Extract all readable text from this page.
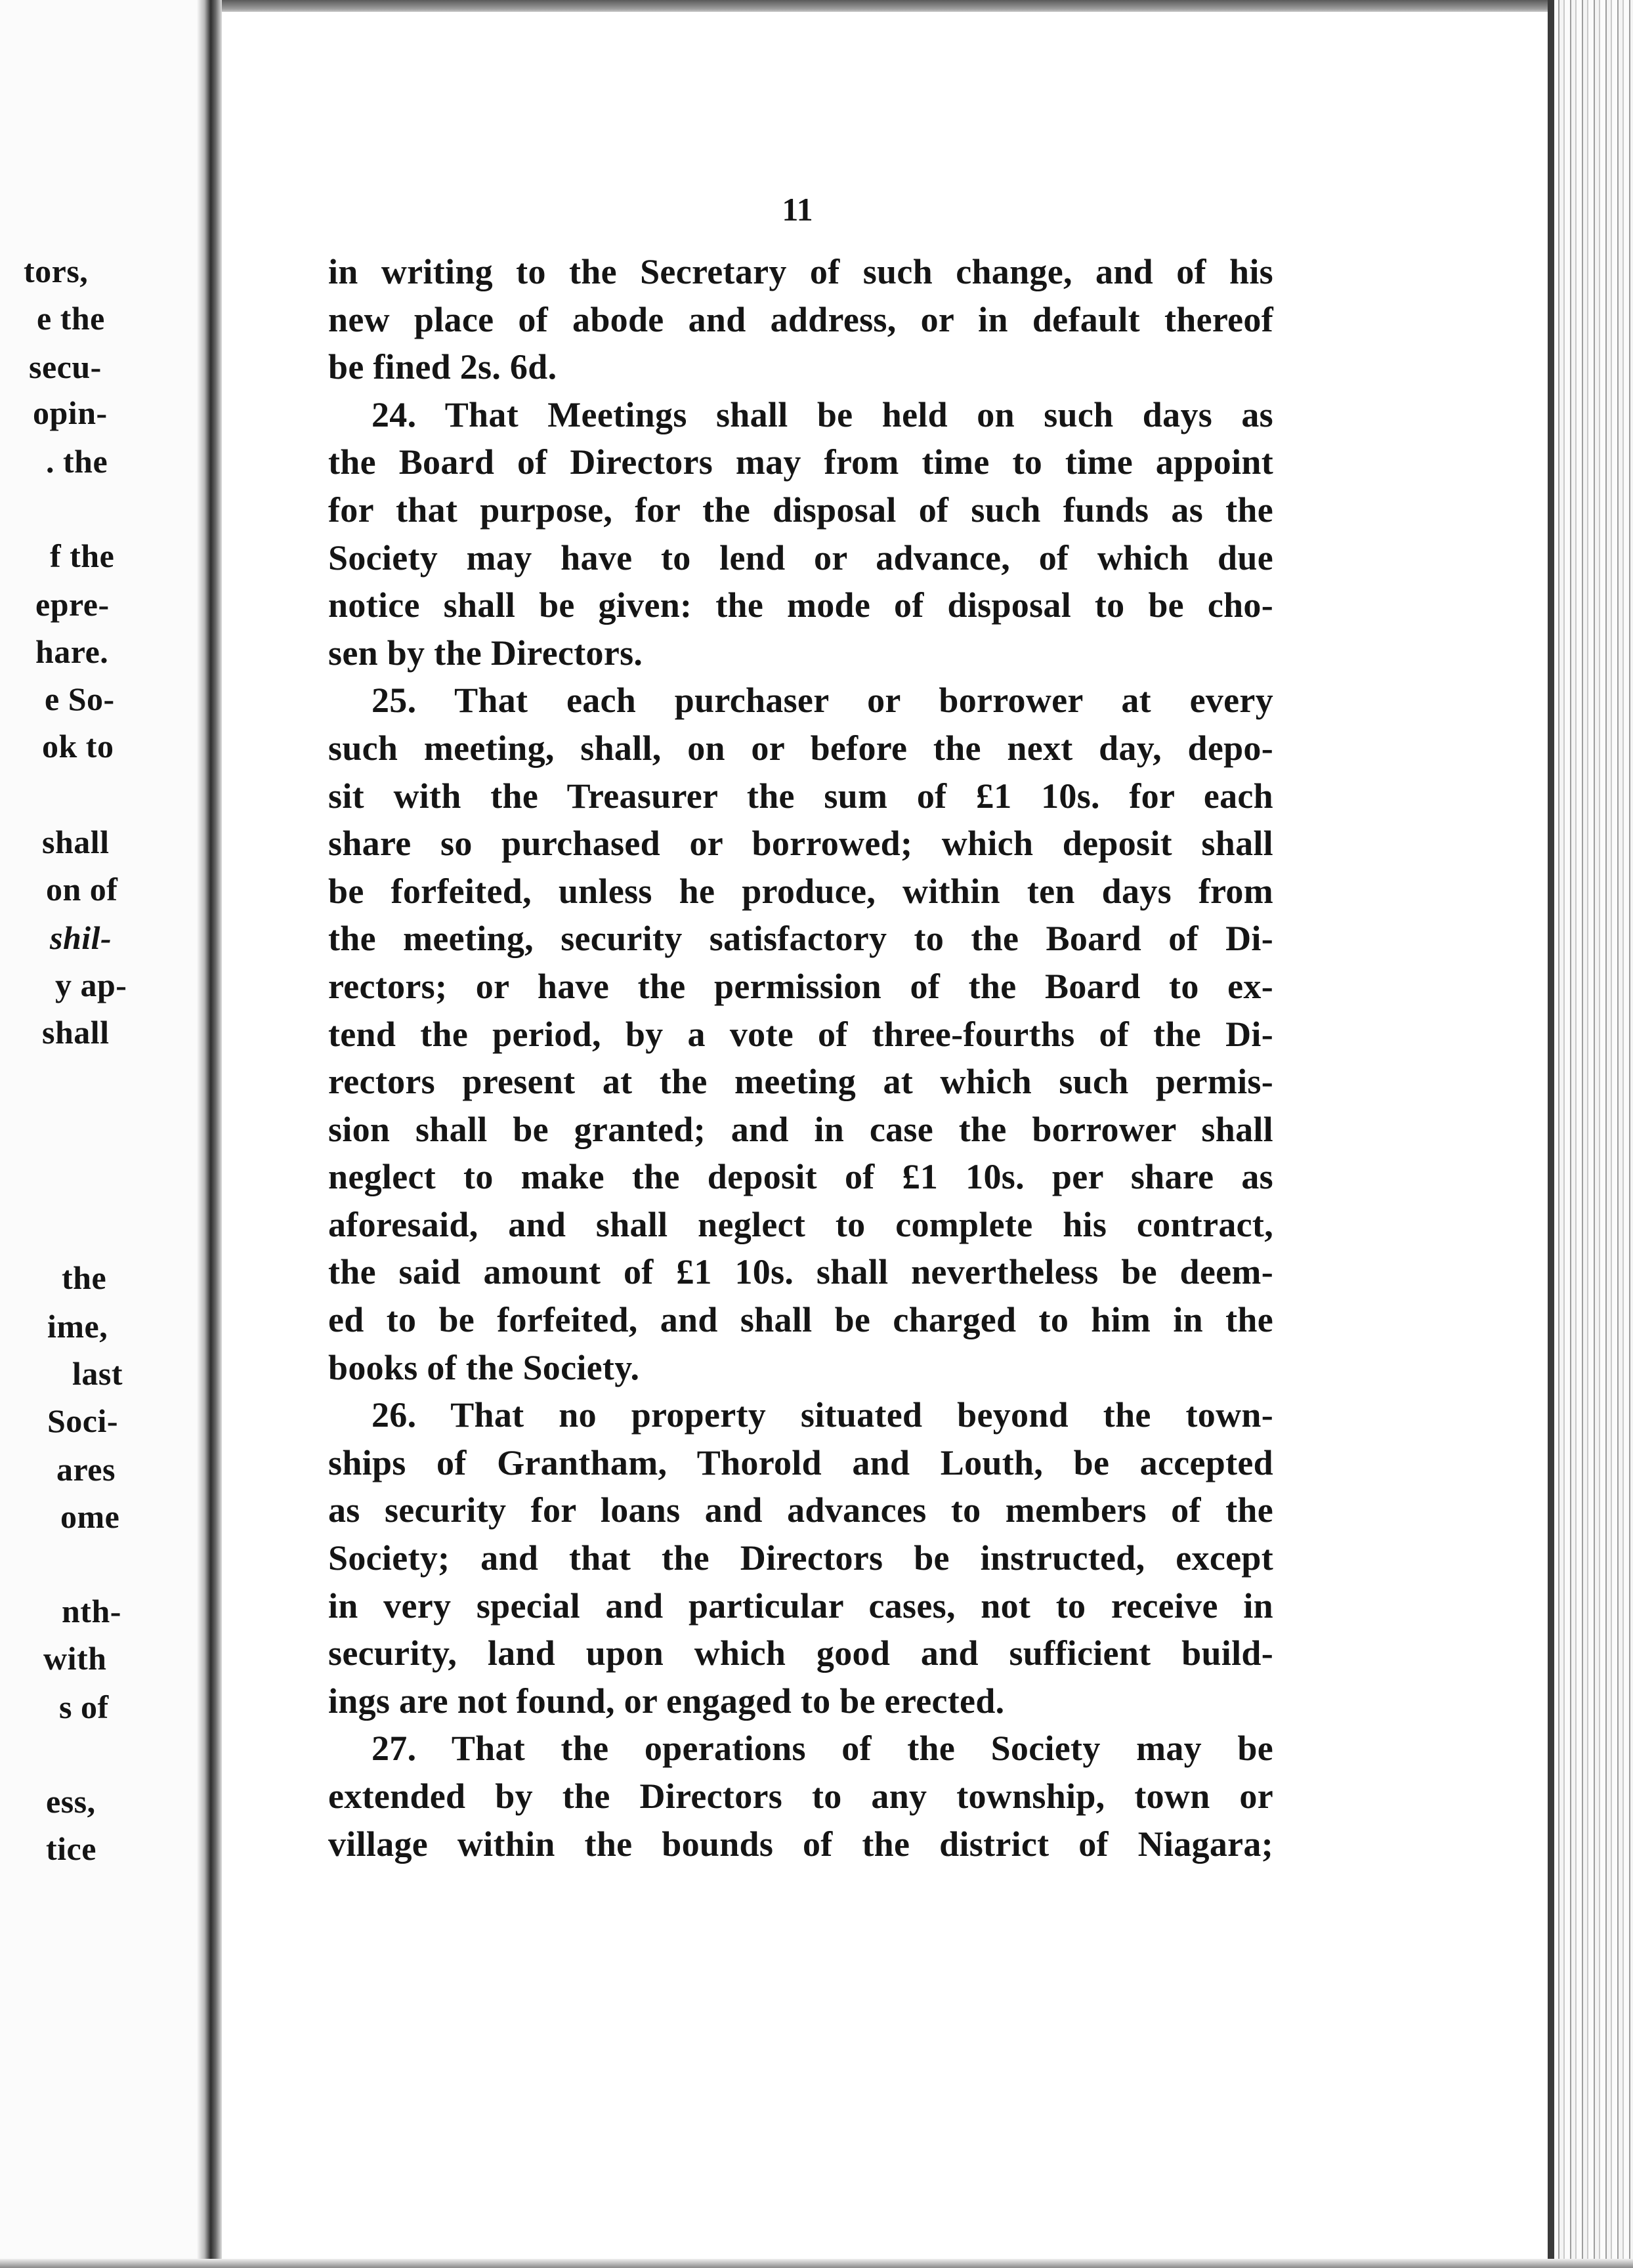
tors,
e the
secu-
opin-
. the
f the
epre-
hare.
e So-
ok to
shall
on of
shil-
y ap-
shall
the
ime,
last
Soci-
ares
ome
nth-
with
s of
ess,
tice
11
in writing to the Secretary of such change, and of his
new place of abode and address, or in default thereof
be fined 2s. 6d.
24. That Meetings shall be held on such days as
the Board of Directors may from time to time appoint
for that purpose, for the disposal of such funds as the
Society may have to lend or advance, of which due
notice shall be given: the mode of disposal to be cho-
sen by the Directors.
25. That each purchaser or borrower at every
such meeting, shall, on or before the next day, depo-
sit with the Treasurer the sum of £1 10s. for each
share so purchased or borrowed; which deposit shall
be forfeited, unless he produce, within ten days from
the meeting, security satisfactory to the Board of Di-
rectors; or have the permission of the Board to ex-
tend the period, by a vote of three-fourths of the Di-
rectors present at the meeting at which such permis-
sion shall be granted; and in case the borrower shall
neglect to make the deposit of £1 10s. per share as
aforesaid, and shall neglect to complete his contract,
the said amount of £1 10s. shall nevertheless be deem-
ed to be forfeited, and shall be charged to him in the
books of the Society.
26. That no property situated beyond the town-
ships of Grantham, Thorold and Louth, be accepted
as security for loans and advances to members of the
Society; and that the Directors be instructed, except
in very special and particular cases, not to receive in
security, land upon which good and sufficient build-
ings are not found, or engaged to be erected.
27. That the operations of the Society may be
extended by the Directors to any township, town or
village within the bounds of the district of Niagara;
